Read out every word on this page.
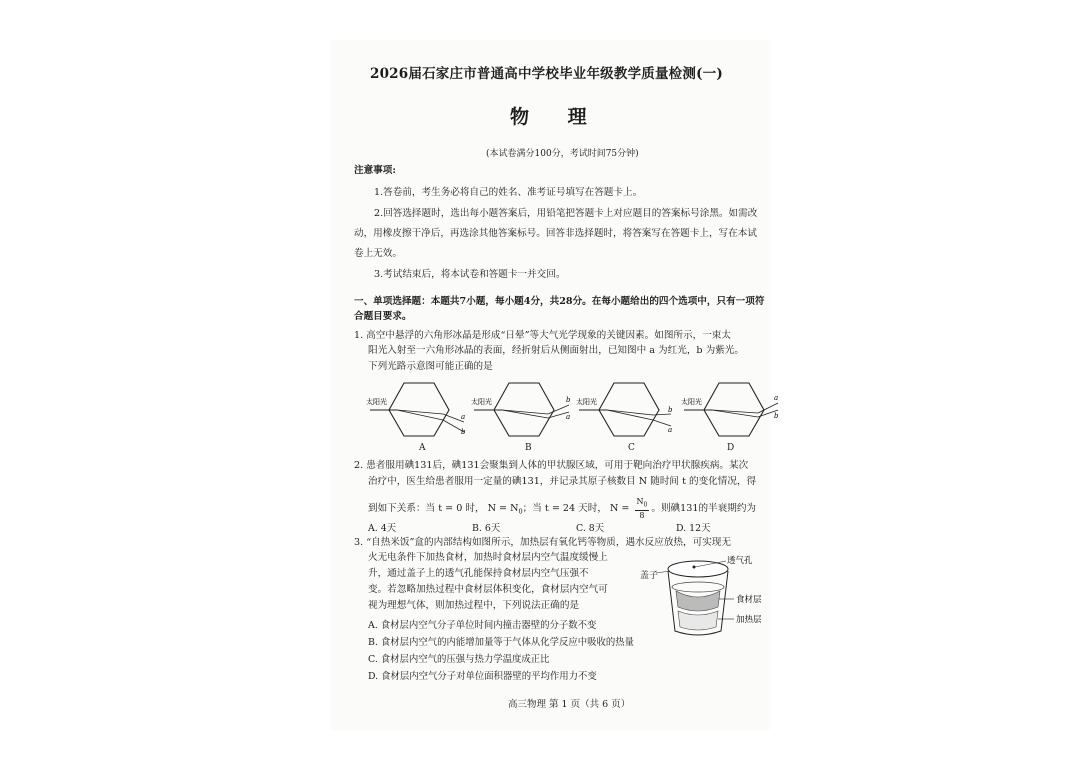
2026届石家庄市普通高中学校毕业年级教学质量检测(一)
物 理
(本试卷满分100分，考试时间75分钟)
注意事项:
1.答卷前，考生务必将自己的姓名、准考证号填写在答题卡上。
2.回答选择题时，选出每小题答案后，用铅笔把答题卡上对应题目的答案标号涂黑。如需改
动，用橡皮擦干净后，再选涂其他答案标号。回答非选择题时，将答案写在答题卡上，写在本试
卷上无效。
3.考试结束后，将本试卷和答题卡一并交回。
一、单项选择题：本题共7小题，每小题4分，共28分。在每小题给出的四个选项中，只有一项符
合题目要求。
1. 高空中悬浮的六角形冰晶是形成“日晕”等大气光学现象的关键因素。如图所示，一束太
阳光入射至一六角形冰晶的表面，经折射后从侧面射出，已知图中 a 为红光，b 为紫光。
下列光路示意图可能正确的是
太阳光
a
b
太阳光	b
a
太阳光
b
a
太阳光	a
b
A	B	C	D
2. 患者服用碘131后，碘131会聚集到人体的甲状腺区域，可用于靶向治疗甲状腺疾病。某次
治疗中，医生给患者服用一定量的碘131，并记录其原子核数目 N 随时间 t 的变化情况，得
到如下关系：当 t = 0 时， $N = N_0$；当 t = 24 天时， $N = \frac{N_0}{8}$ 。则碘131的半衰期约为
A. 4天	B. 6天	C. 8天	D. 12天
3. “自热米饭”盒的内部结构如图所示，加热层有氧化钙等物质，遇水反应放热，可实现无
火无电条件下加热食材，加热时食材层内空气温度缓慢上
升，通过盖子上的透气孔能保持食材层内空气压强不
变。若忽略加热过程中食材层体积变化，食材层内空气可
视为理想气体，则加热过程中，下列说法正确的是
透气孔
食材层
加热层
盖子
A. 食材层内空气分子单位时间内撞击器壁的分子数不变
B. 食材层内空气的内能增加量等于气体从化学反应中吸收的热量
C. 食材层内空气的压强与热力学温度成正比
D. 食材层内空气分子对单位面积器壁的平均作用力不变
高三物理 第 1 页（共 6 页）
